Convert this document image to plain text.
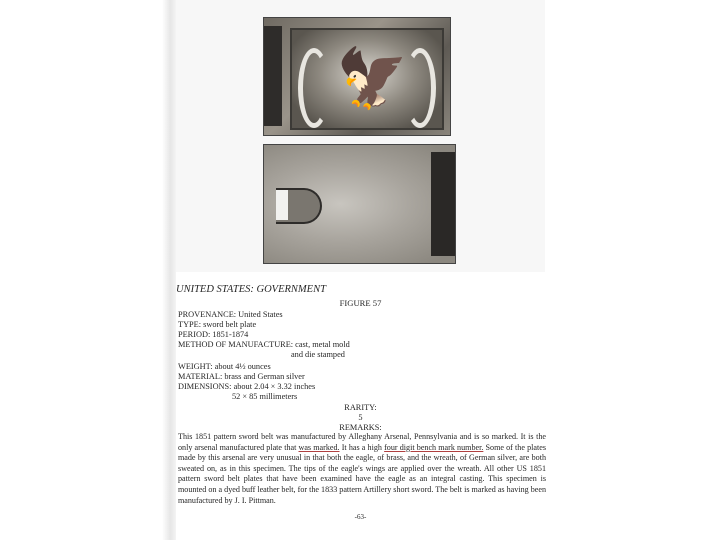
🦅
UNITED STATES: GOVERNMENT
FIGURE 57
PROVENANCE: United States
TYPE: sword belt plate
PERIOD: 1851-1874
METHOD OF MANUFACTURE: cast, metal mold
and die stamped
WEIGHT: about 4½ ounces
MATERIAL: brass and German silver
DIMENSIONS: about 2.04 × 3.32 inches
52 × 85 millimeters
RARITY:
5
REMARKS:
This 1851 pattern sword belt was manufactured by Alleghany Arsenal, Pennsylvania and is so marked. It is the only arsenal manufactured plate that was marked. It has a high four digit bench mark number. Some of the plates made by this arsenal are very unusual in that both the eagle, of brass, and the wreath, of German silver, are both sweated on, as in this specimen. The tips of the eagle's wings are applied over the wreath. All other US 1851 pattern sword belt plates that have been examined have the eagle as an integral casting. This specimen is mounted on a dyed buff leather belt, for the 1833 pattern Artillery short sword. The belt is marked as having been manufactured by J. I. Pittman.
-63-
